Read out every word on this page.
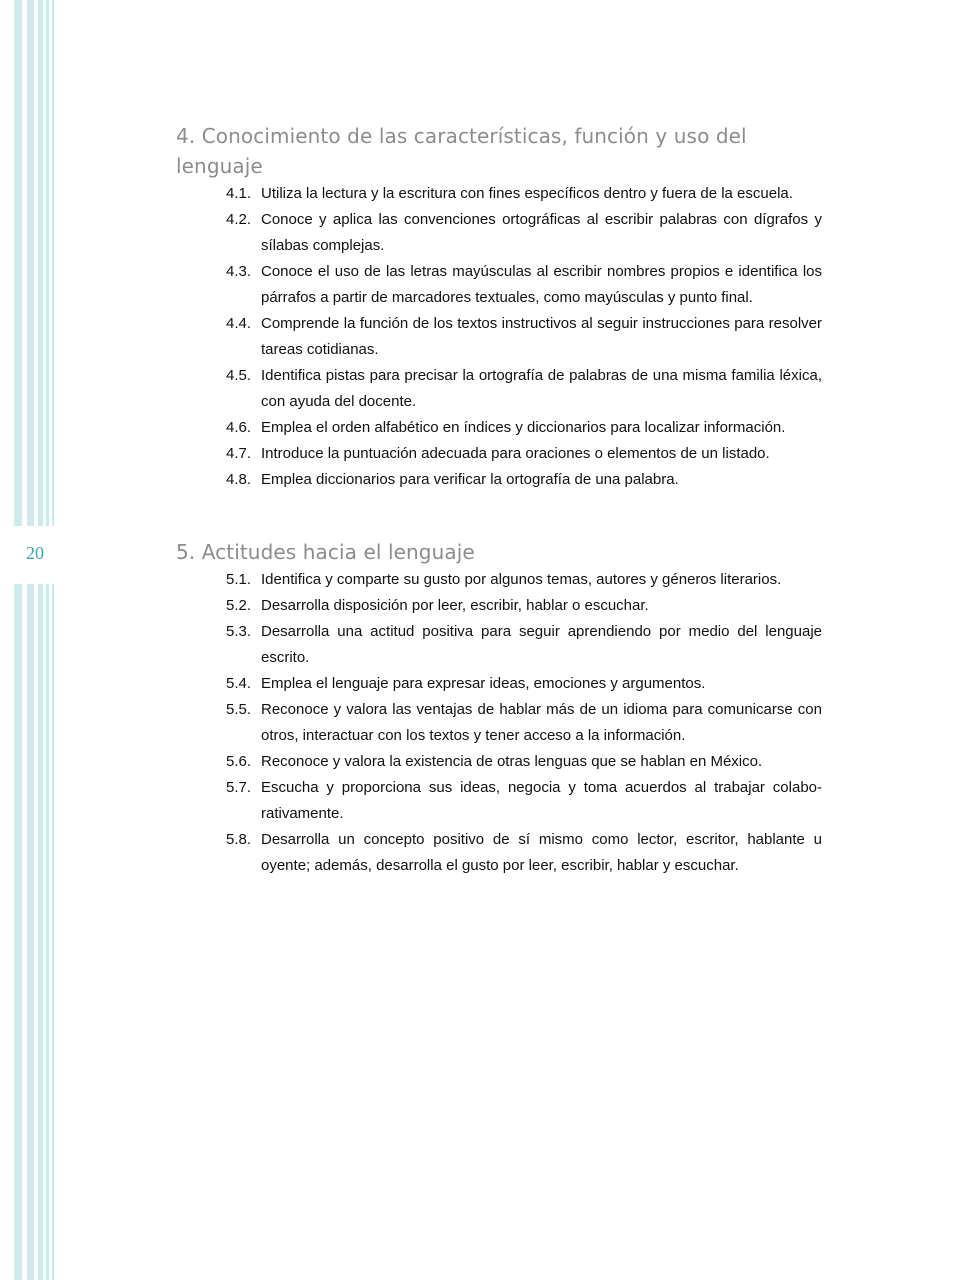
20
4. Conocimiento de las características, función y uso del lenguaje
4.1. Utiliza la lectura y la escritura con fines específicos dentro y fuera de la escuela.
4.2. Conoce y aplica las convenciones ortográficas al escribir palabras con dígrafos y sílabas complejas.
4.3. Conoce el uso de las letras mayúsculas al escribir nombres propios e identifica los párrafos a partir de marcadores textuales, como mayúsculas y punto final.
4.4. Comprende la función de los textos instructivos al seguir instrucciones para resolver tareas cotidianas.
4.5. Identifica pistas para precisar la ortografía de palabras de una misma familia léxica, con ayuda del docente.
4.6. Emplea el orden alfabético en índices y diccionarios para localizar información.
4.7. Introduce la puntuación adecuada para oraciones o elementos de un listado.
4.8. Emplea diccionarios para verificar la ortografía de una palabra.
5. Actitudes hacia el lenguaje
5.1. Identifica y comparte su gusto por algunos temas, autores y géneros literarios.
5.2. Desarrolla disposición por leer, escribir, hablar o escuchar.
5.3. Desarrolla una actitud positiva para seguir aprendiendo por medio del lenguaje escrito.
5.4. Emplea el lenguaje para expresar ideas, emociones y argumentos.
5.5. Reconoce y valora las ventajas de hablar más de un idioma para comunicarse con otros, interactuar con los textos y tener acceso a la información.
5.6. Reconoce y valora la existencia de otras lenguas que se hablan en México.
5.7. Escucha y proporciona sus ideas, negocia y toma acuerdos al trabajar colabo-rativamente.
5.8. Desarrolla un concepto positivo de sí mismo como lector, escritor, hablante u oyente; además, desarrolla el gusto por leer, escribir, hablar y escuchar.
